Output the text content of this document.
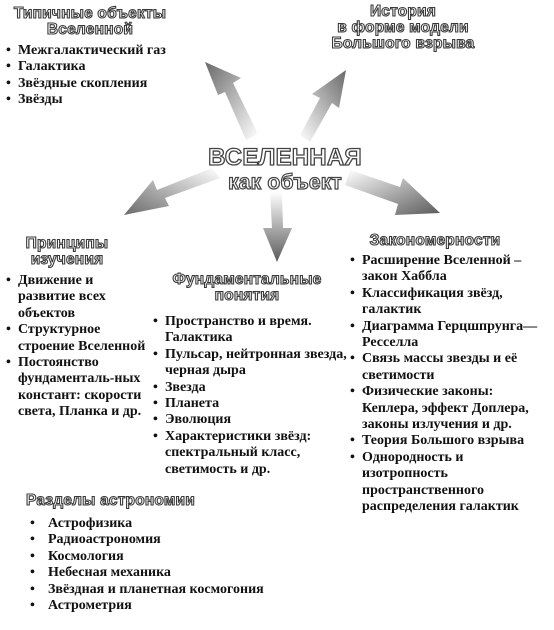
ВСЕЛЕННАЯ
как объект
Типичные объекты
Вселенной
• Межгалактический газ
• Галактика
• Звёздные скопления
• Звёзды
История
в форме модели
Большого взрыва
Принципы
изучения
• Движение и развитие всех объектов
• Структурное строение Вселенной
• Постоянство фундаменталь-ных констант: скорости света, Планка и др.
Фундаментальные
понятия
• Пространство и время. Галактика
• Пульсар, нейтронная звезда, черная дыра
• Звезда
• Планета
• Эволюция
• Характеристики звёзд: спектральный класс, светимость и др.
Закономерности
• Расширение Вселенной – закон Хаббла
• Классификация звёзд, галактик
• Диаграмма Герцшпрунга—Ресселла
• Связь массы звезды и её светимости
• Физические законы: Кеплера, эффект Доплера, законы излучения и др.
• Теория Большого взрыва
• Однородность и изотропность пространственного распределения галактик
Разделы астрономии
• Астрофизика
• Радиоастрономия
• Космология
• Небесная механика
• Звёздная и планетная космогония
• Астрометрия
